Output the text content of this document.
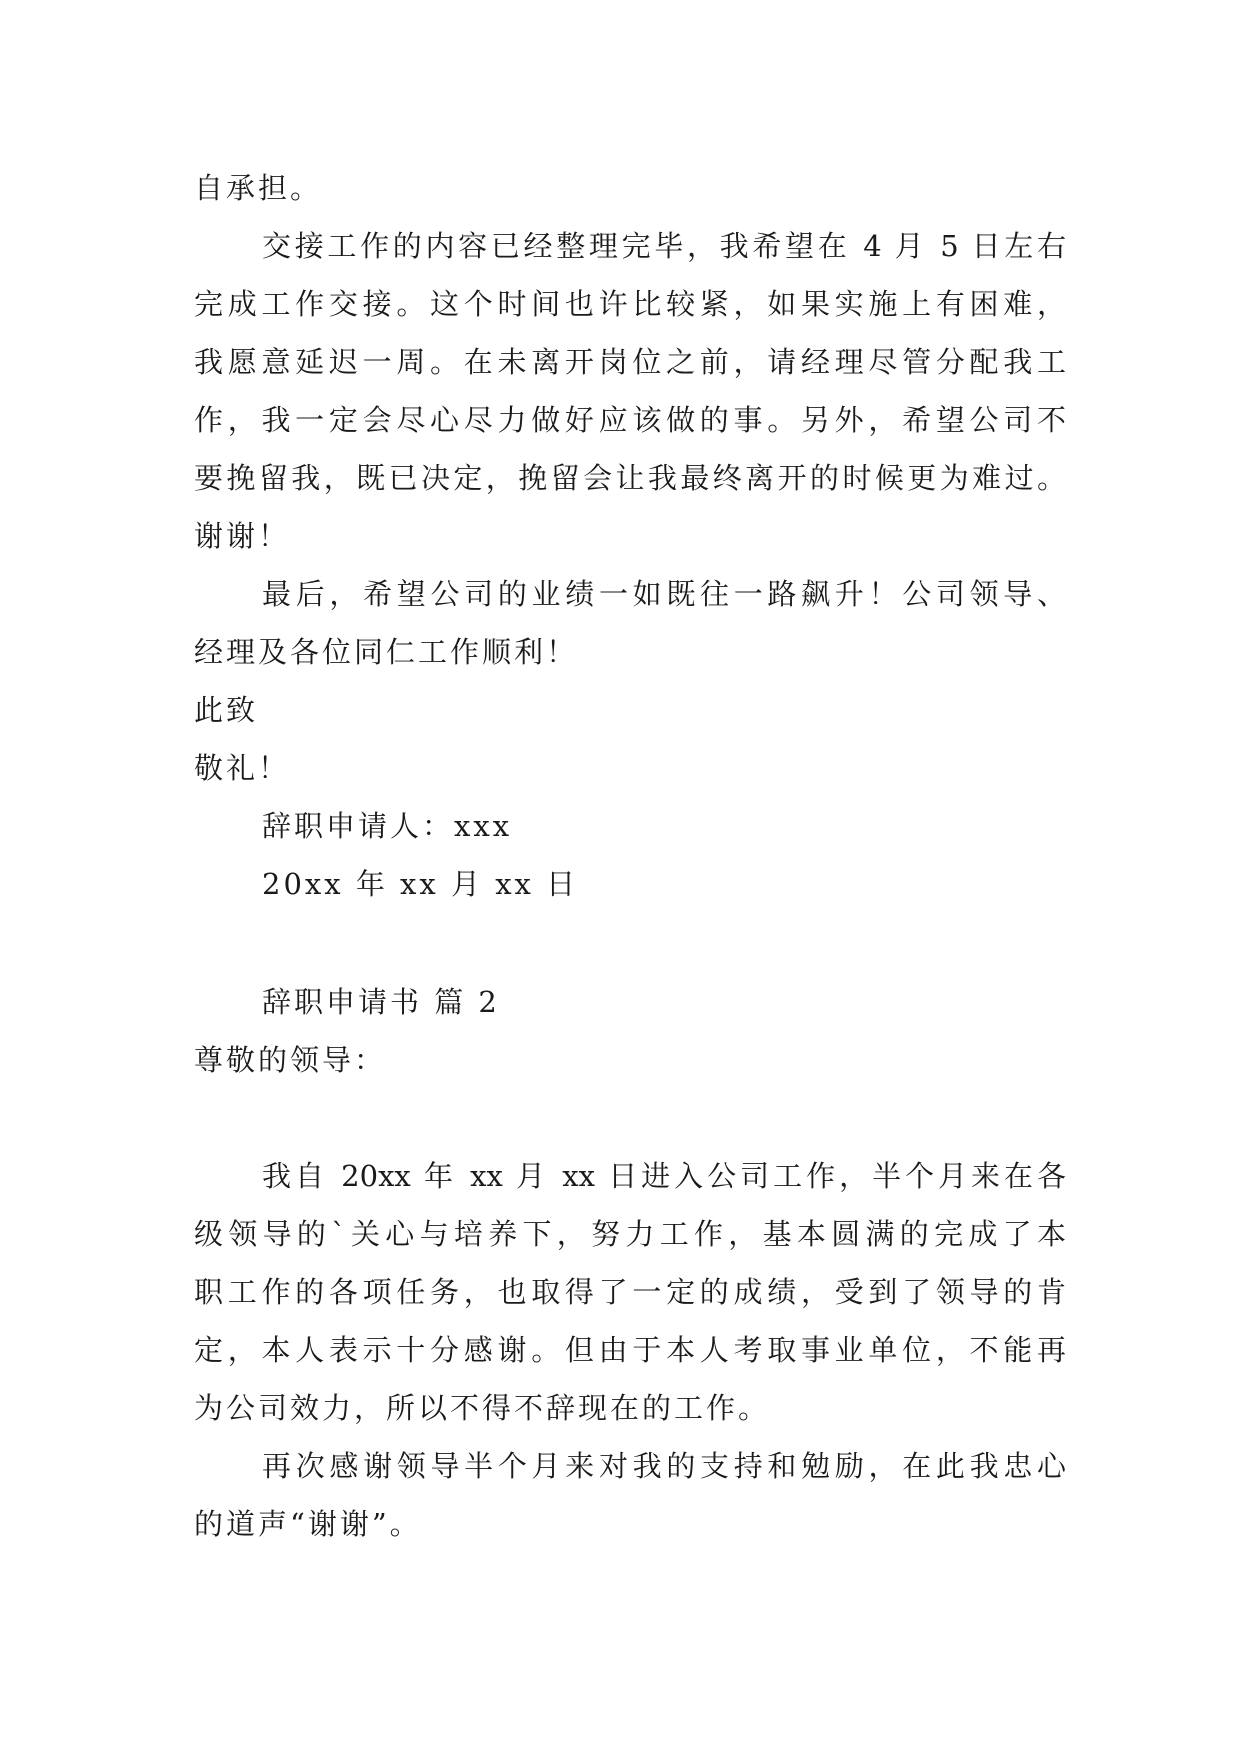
自承担。

交接工作的内容已经整理完毕，我希望在 4 月 5 日左右

完成工作交接。这个时间也许比较紧，如果实施上有困难，

我愿意延迟一周。在未离开岗位之前，请经理尽管分配我工

作，我一定会尽心尽力做好应该做的事。另外，希望公司不

要挽留我，既已决定，挽留会让我最终离开的时候更为难过。

谢谢！

最后，希望公司的业绩一如既往一路飙升！公司领导、

经理及各位同仁工作顺利！

此致

敬礼！

辞职申请人：xxx

20xx 年 xx 月 xx 日

辞职申请书 篇 2

尊敬的领导：

我自 20xx 年 xx 月 xx 日进入公司工作，半个月来在各

级领导的`关心与培养下，努力工作，基本圆满的完成了本

职工作的各项任务，也取得了一定的成绩，受到了领导的肯

定，本人表示十分感谢。但由于本人考取事业单位，不能再

为公司效力，所以不得不辞现在的工作。

再次感谢领导半个月来对我的支持和勉励，在此我忠心

的道声“谢谢”。
